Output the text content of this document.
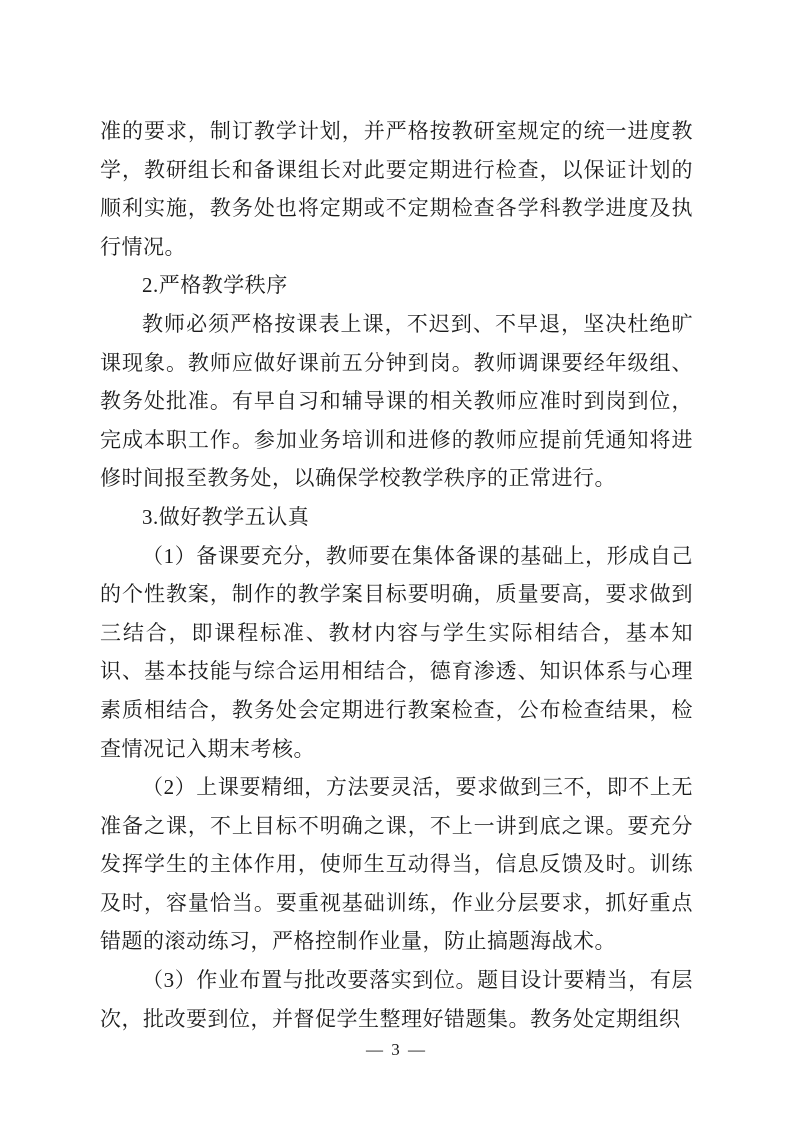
准的要求，制订教学计划，并严格按教研室规定的统一进度教学，教研组长和备课组长对此要定期进行检查，以保证计划的顺利实施，教务处也将定期或不定期检查各学科教学进度及执行情况。

2.严格教学秩序

教师必须严格按课表上课，不迟到、不早退，坚决杜绝旷课现象。教师应做好课前五分钟到岗。教师调课要经年级组、教务处批准。有早自习和辅导课的相关教师应准时到岗到位，完成本职工作。参加业务培训和进修的教师应提前凭通知将进修时间报至教务处，以确保学校教学秩序的正常进行。

3.做好教学五认真

（1）备课要充分，教师要在集体备课的基础上，形成自己的个性教案，制作的教学案目标要明确，质量要高，要求做到三结合，即课程标准、教材内容与学生实际相结合，基本知识、基本技能与综合运用相结合，德育渗透、知识体系与心理素质相结合，教务处会定期进行教案检查，公布检查结果，检查情况记入期末考核。

（2）上课要精细，方法要灵活，要求做到三不，即不上无准备之课，不上目标不明确之课，不上一讲到底之课。要充分发挥学生的主体作用，使师生互动得当，信息反馈及时。训练及时，容量恰当。要重视基础训练，作业分层要求，抓好重点错题的滚动练习，严格控制作业量，防止搞题海战术。

（3）作业布置与批改要落实到位。题目设计要精当，有层次，批改要到位，并督促学生整理好错题集。教务处定期组织

— 3 —
